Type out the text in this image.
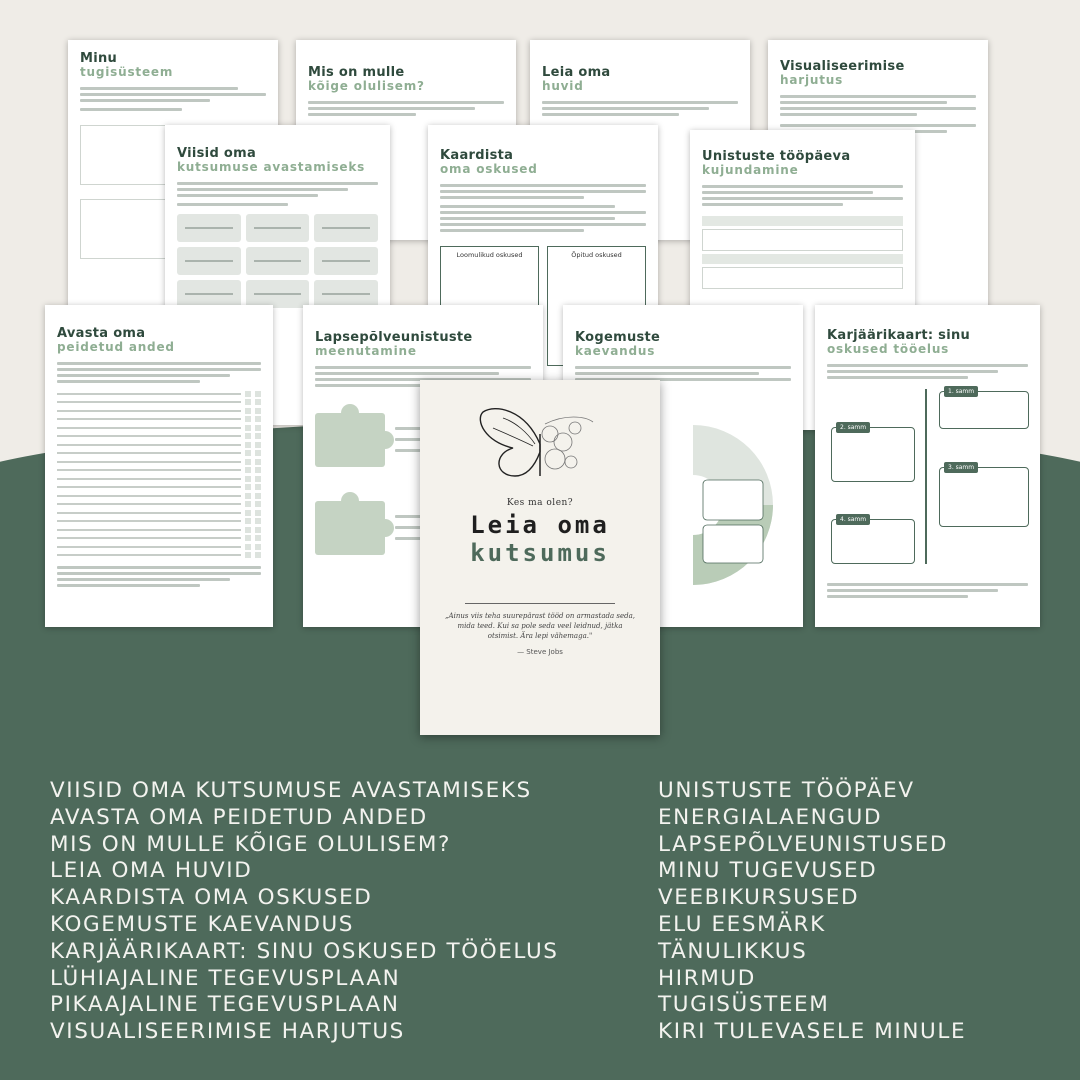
Minu
tugisüsteem	Mis on mulle
kõige olulisem?
Leia oma
huvid
Visualiseerimise
harjutus
Viisid oma
kutsumuse avastamiseks
Kaardista
oma oskused
Loomulikud oskused	Õpitud oskused
Unistuste tööpäeva
kujundamine
Avasta oma
peidetud anded
Lapsepõlveunistuste
meenutamine
Kogemuste
kaevandus
Karjäärikaart: sinu
oskused tööelus
1. samm
2. samm
3. samm
4. samm
Kes ma olen?
Leia oma
kutsumus
„Ainus viis teha suurepärast tööd on armastada seda, mida teed. Kui sa pole seda veel leidnud, jätka otsimist. Ära lepi vähemaga."
— Steve Jobs
VIISID OMA KUTSUMUSE AVASTAMISEKS
AVASTA OMA PEIDETUD ANDED
MIS ON MULLE KÕIGE OLULISEM?
LEIA OMA HUVID
KAARDISTA OMA OSKUSED
KOGEMUSTE KAEVANDUS
KARJÄÄRIKAART: SINU OSKUSED TÖÖELUS
LÜHIAJALINE TEGEVUSPLAAN
PIKAAJALINE TEGEVUSPLAAN
VISUALISEERIMISE HARJUTUS
UNISTUSTE TÖÖPÄEV
ENERGIALAENGUD
LAPSEPÕLVEUNISTUSED
MINU TUGEVUSED
VEEBIKURSUSED
ELU EESMÄRK
TÄNULIKKUS
HIRMUD
TUGISÜSTEEM
KIRI TULEVASELE MINULE
